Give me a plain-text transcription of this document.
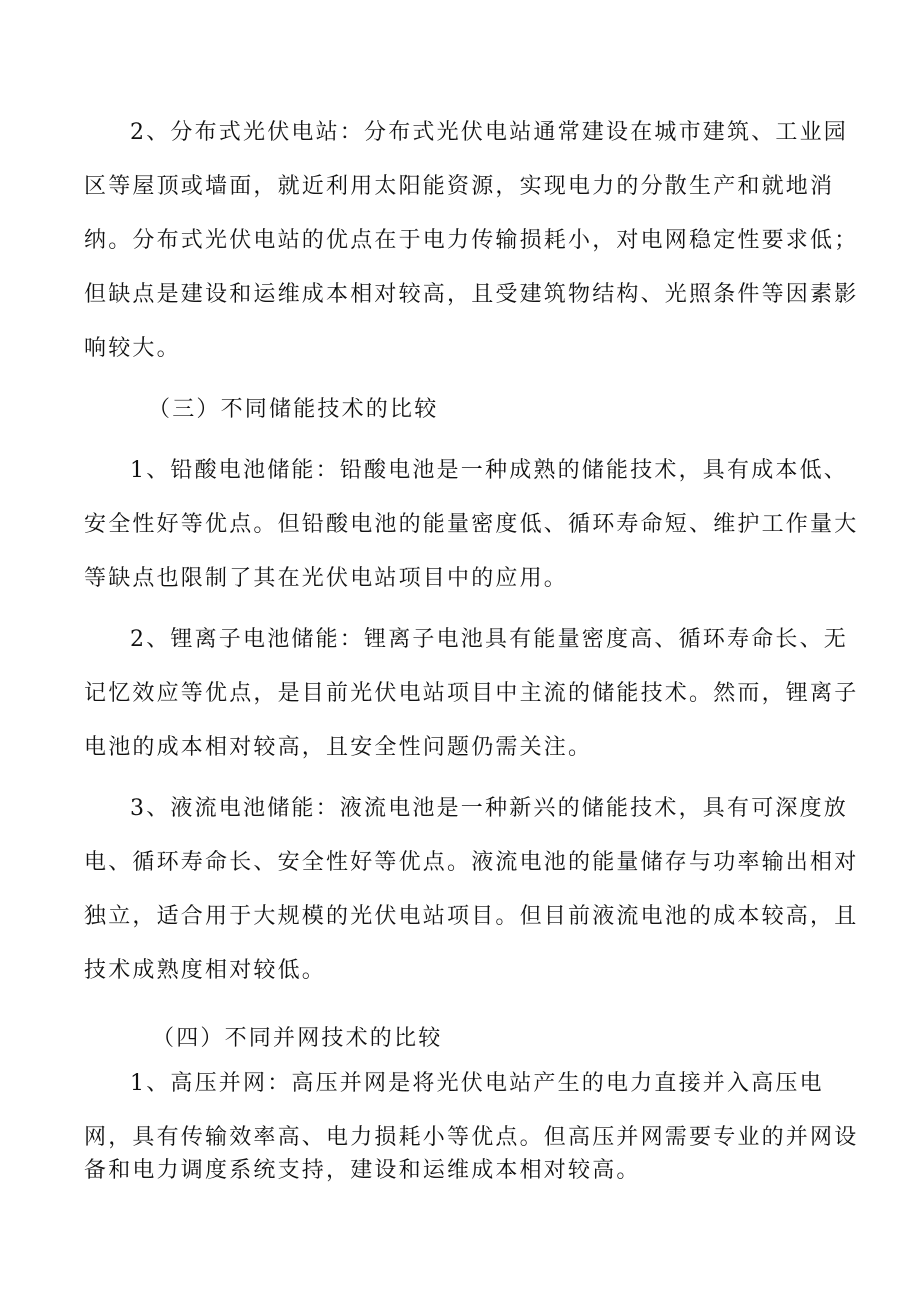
2、分布式光伏电站：分布式光伏电站通常建设在城市建筑、工业园
区等屋顶或墙面，就近利用太阳能资源，实现电力的分散生产和就地消
纳。分布式光伏电站的优点在于电力传输损耗小，对电网稳定性要求低；
但缺点是建设和运维成本相对较高，且受建筑物结构、光照条件等因素影
响较大。
（三）不同储能技术的比较
1、铅酸电池储能：铅酸电池是一种成熟的储能技术，具有成本低、
安全性好等优点。但铅酸电池的能量密度低、循环寿命短、维护工作量大
等缺点也限制了其在光伏电站项目中的应用。
2、锂离子电池储能：锂离子电池具有能量密度高、循环寿命长、无
记忆效应等优点，是目前光伏电站项目中主流的储能技术。然而，锂离子
电池的成本相对较高，且安全性问题仍需关注。
3、液流电池储能：液流电池是一种新兴的储能技术，具有可深度放
电、循环寿命长、安全性好等优点。液流电池的能量储存与功率输出相对
独立，适合用于大规模的光伏电站项目。但目前液流电池的成本较高，且
技术成熟度相对较低。
（四）不同并网技术的比较
1、高压并网：高压并网是将光伏电站产生的电力直接并入高压电
网，具有传输效率高、电力损耗小等优点。但高压并网需要专业的并网设
备和电力调度系统支持，建设和运维成本相对较高。
